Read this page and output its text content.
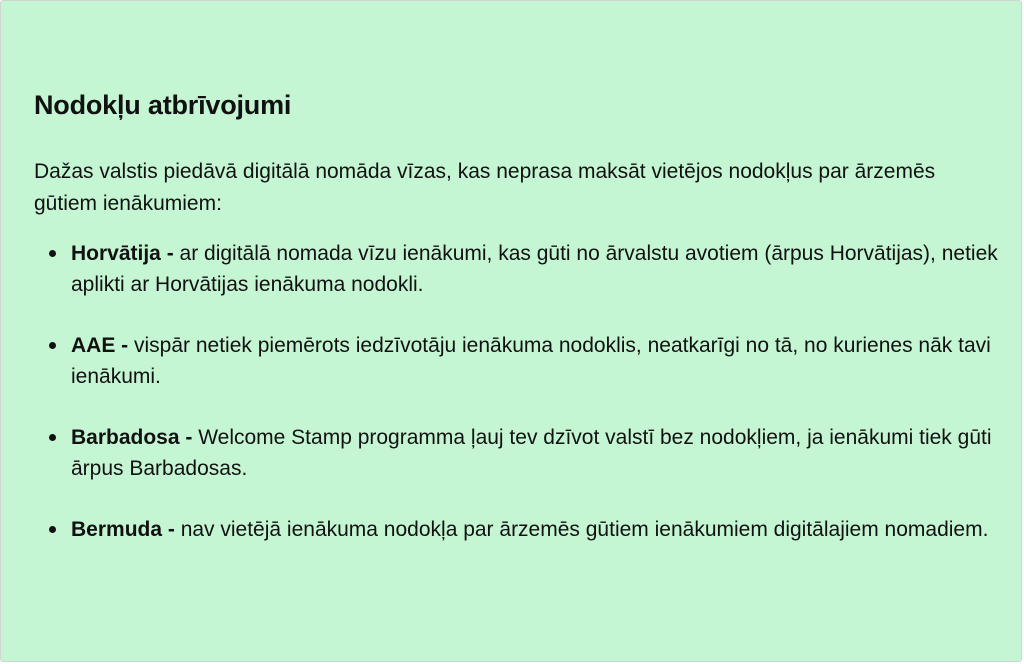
Nodokļu atbrīvojumi

Dažas valstis piedāvā digitālā nomāda vīzas, kas neprasa maksāt vietējos nodokļus par ārzemēs gūtiem ienākumiem:

Horvātija - ar digitālā nomada vīzu ienākumi, kas gūti no ārvalstu avotiem (ārpus Horvātijas), netiek aplikti ar Horvātijas ienākuma nodokli.
AAE - vispār netiek piemērots iedzīvotāju ienākuma nodoklis, neatkarīgi no tā, no kurienes nāk tavi ienākumi.
Barbadosa - Welcome Stamp programma ļauj tev dzīvot valstī bez nodokļiem, ja ienākumi tiek gūti ārpus Barbadosas.
Bermuda - nav vietējā ienākuma nodokļa par ārzemēs gūtiem ienākumiem digitālajiem nomadiem.
